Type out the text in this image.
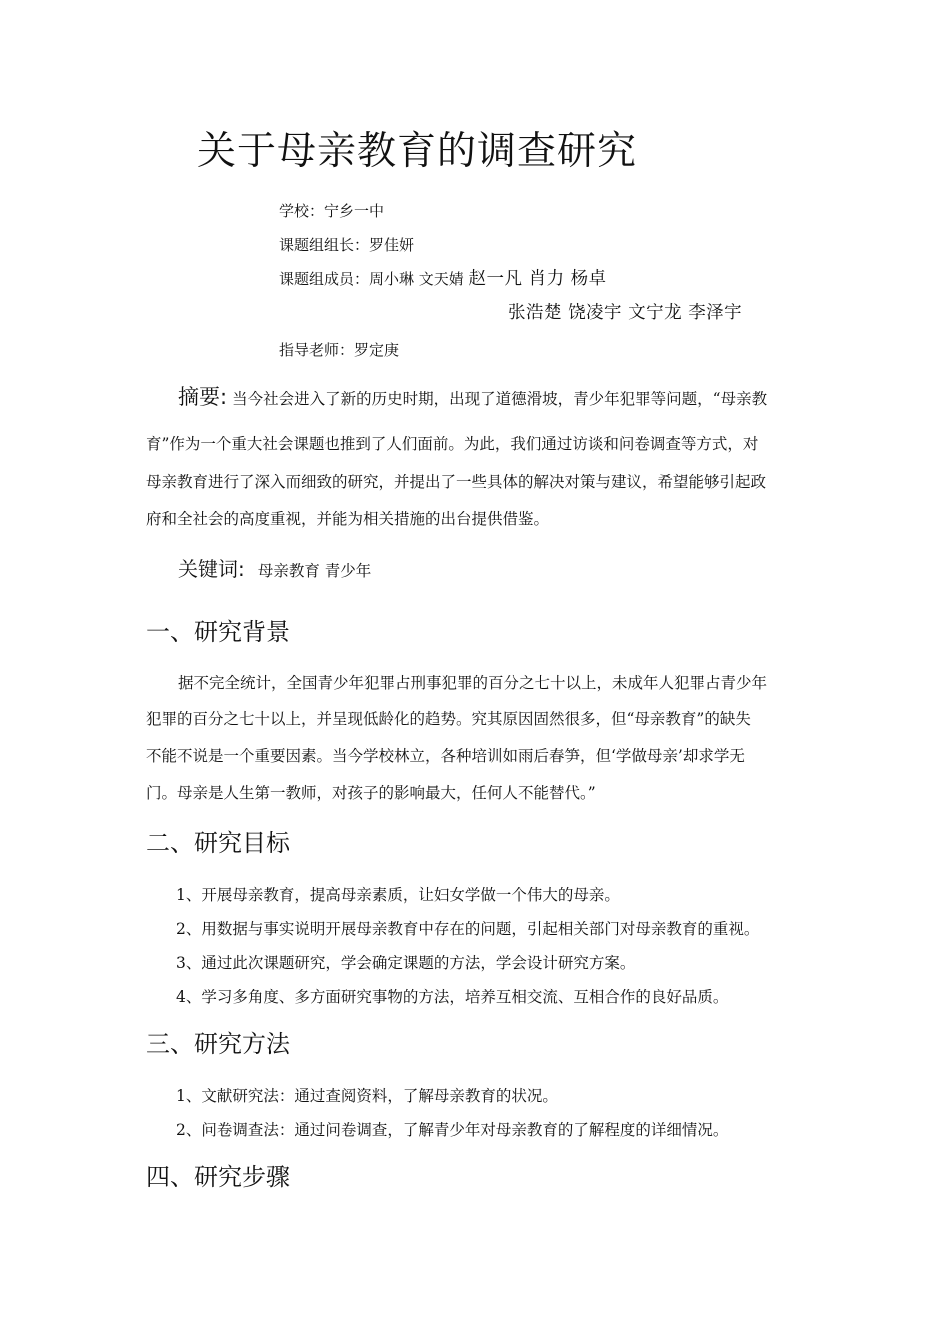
关于母亲教育的调查研究
学校：宁乡一中
课题组组长：罗佳妍
课题组成员：周小琳 文天婧 赵一凡 肖力 杨卓
张浩楚 饶凌宇 文宁龙 李泽宇
指导老师：罗定庚
摘要: 当今社会进入了新的历史时期，出现了道德滑坡，青少年犯罪等问题，“母亲教
育”作为一个重大社会课题也推到了人们面前。为此，我们通过访谈和问卷调查等方式，对
母亲教育进行了深入而细致的研究，并提出了一些具体的解决对策与建议，希望能够引起政
府和全社会的高度重视，并能为相关措施的出台提供借鉴。
关键词: 母亲教育 青少年
一、研究背景
据不完全统计，全国青少年犯罪占刑事犯罪的百分之七十以上，未成年人犯罪占青少年
犯罪的百分之七十以上，并呈现低龄化的趋势。究其原因固然很多，但“母亲教育”的缺失
不能不说是一个重要因素。当今学校林立，各种培训如雨后春笋，但‘学做母亲’却求学无
门。母亲是人生第一教师，对孩子的影响最大，任何人不能替代。”
二、研究目标
1、开展母亲教育，提高母亲素质，让妇女学做一个伟大的母亲。
2、用数据与事实说明开展母亲教育中存在的问题，引起相关部门对母亲教育的重视。
3、通过此次课题研究，学会确定课题的方法，学会设计研究方案。
4、学习多角度、多方面研究事物的方法，培养互相交流、互相合作的良好品质。
三、研究方法
1、文献研究法：通过查阅资料，了解母亲教育的状况。
2、问卷调查法：通过问卷调查，了解青少年对母亲教育的了解程度的详细情况。
四、研究步骤
